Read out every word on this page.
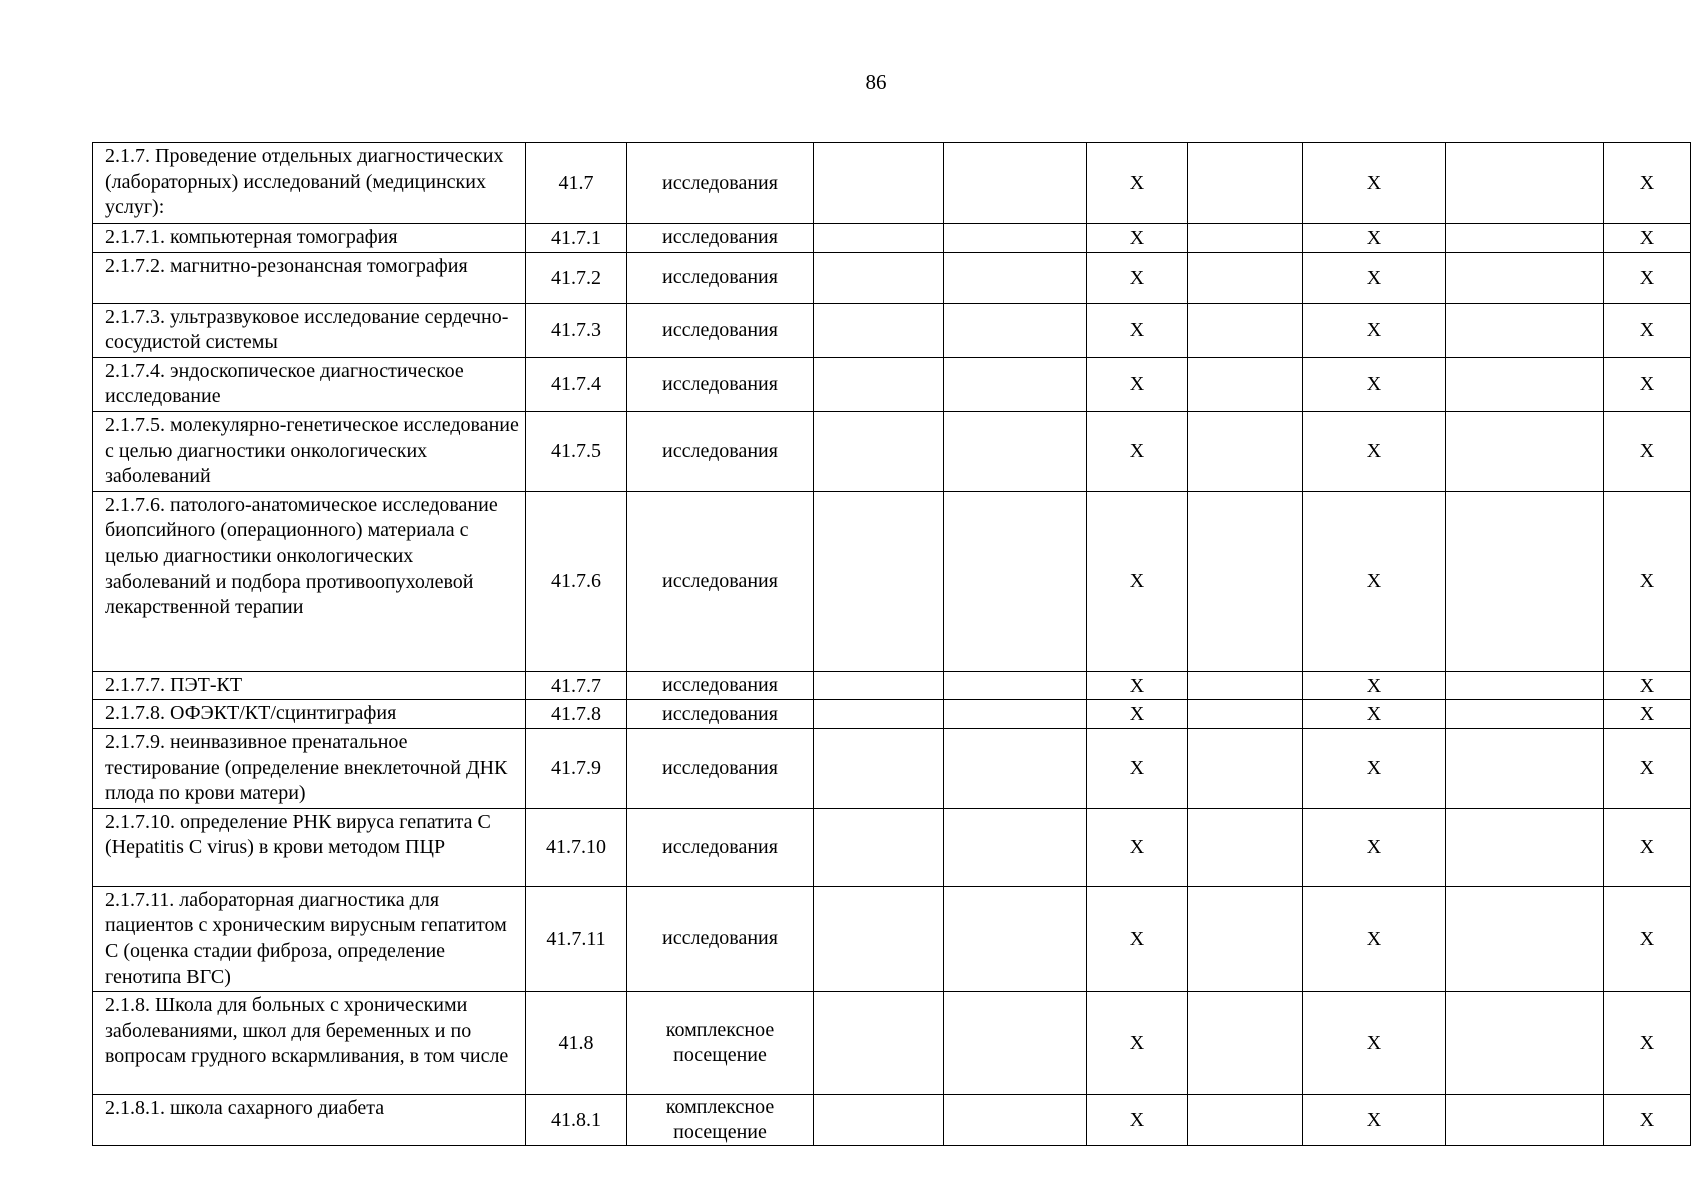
86
2.1.7. Проведение отдельных диагностических (лабораторных) исследований (медицинских услуг):	41.7	исследования			X		X		X
2.1.7.1. компьютерная томография	41.7.1	исследования			X		X		X
2.1.7.2. магнитно-резонансная томография	41.7.2	исследования			X		X		X
2.1.7.3. ультразвуковое исследование сердечно-сосудистой системы	41.7.3	исследования			X		X		X
2.1.7.4. эндоскопическое диагностическое исследование	41.7.4	исследования			X		X		X
2.1.7.5. молекулярно-генетическое исследование с целью диагностики онкологических заболеваний	41.7.5	исследования			X		X		X
2.1.7.6. патолого-анатомическое исследование биопсийного (операционного) материала с целью диагностики онкологических заболеваний и подбора противоопухолевой лекарственной терапии	41.7.6	исследования			X		X		X
2.1.7.7. ПЭТ-КТ	41.7.7	исследования			X		X		X
2.1.7.8. ОФЭКТ/КТ/сцинтиграфия	41.7.8	исследования			X		X		X
2.1.7.9. неинвазивное пренатальное тестирование (определение внеклеточной ДНК плода по крови матери)	41.7.9	исследования			X		X		X
2.1.7.10. определение РНК вируса гепатита С (Hepatitis C virus) в крови методом ПЦР	41.7.10	исследования			X		X		X
2.1.7.11. лабораторная диагностика для пациентов с хроническим вирусным гепатитом С (оценка стадии фиброза, определение генотипа ВГС)	41.7.11	исследования			X		X		X
2.1.8. Школа для больных с хроническими заболеваниями, школ для беременных и по вопросам грудного вскармливания, в том числе	41.8	комплексное посещение			X		X		X
2.1.8.1. школа сахарного диабета	41.8.1	комплексное посещение			X		X		X
